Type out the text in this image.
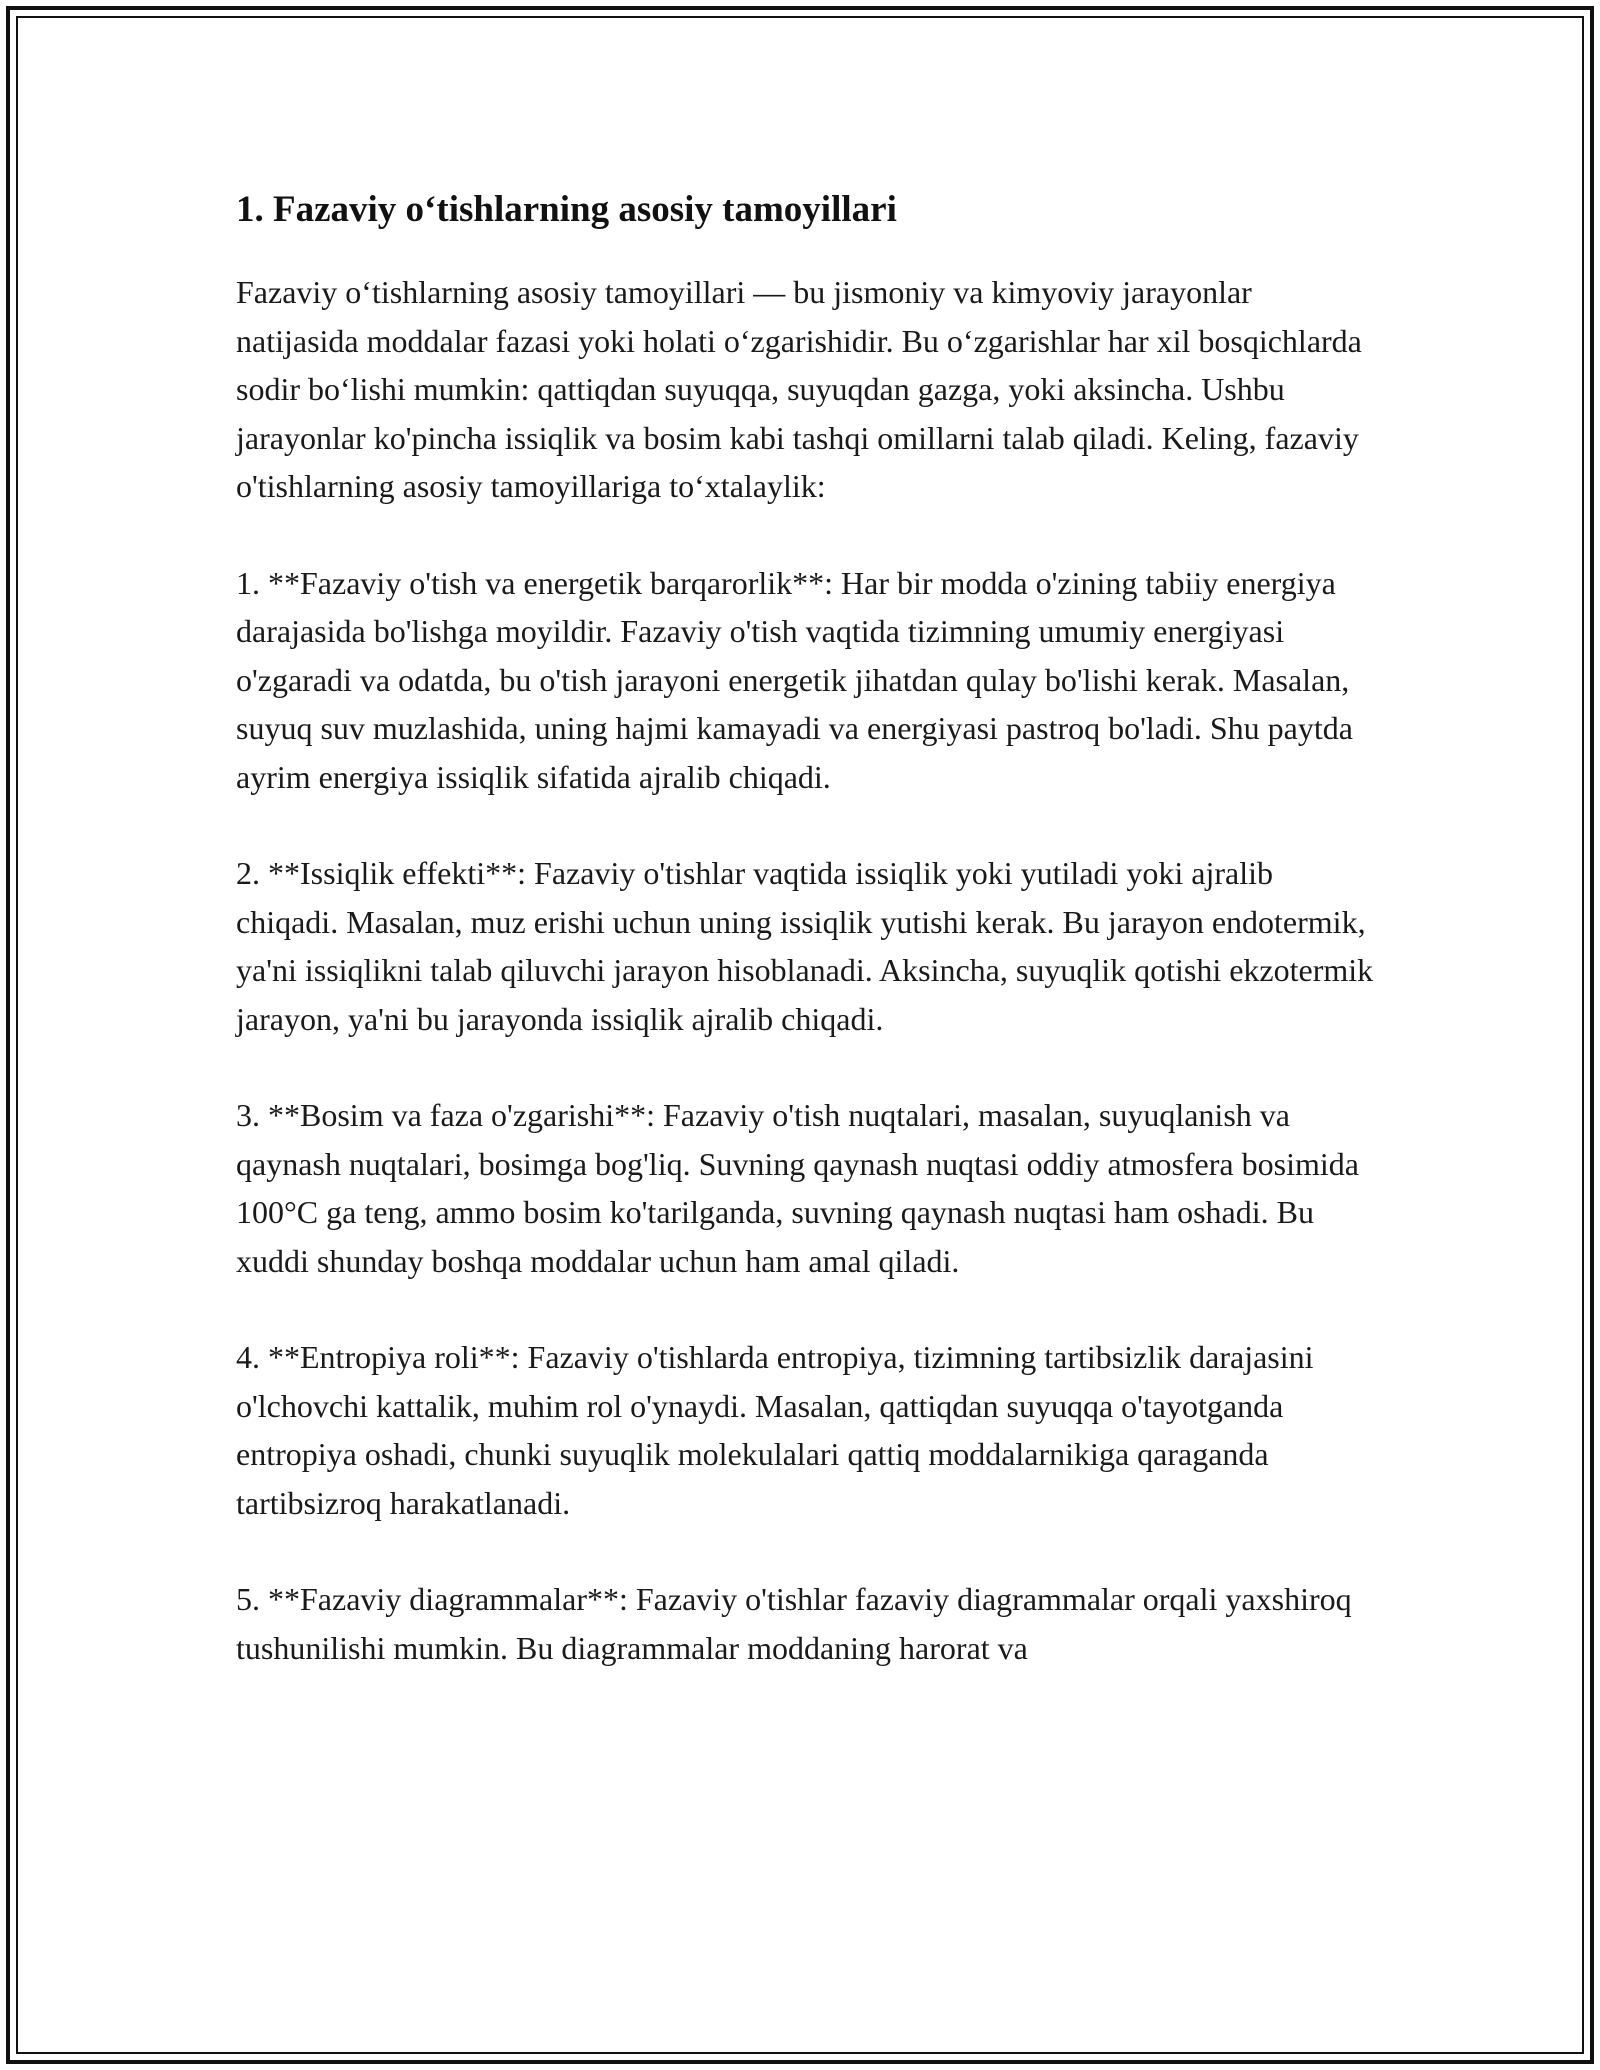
1. Fazaviy o‘tishlarning asosiy tamoyillari

Fazaviy o‘tishlarning asosiy tamoyillari — bu jismoniy va kimyoviy jarayonlar natijasida moddalar fazasi yoki holati o‘zgarishidir. Bu o‘zgarishlar har xil bosqichlarda sodir bo‘lishi mumkin: qattiqdan suyuqqa, suyuqdan gazga, yoki aksincha. Ushbu jarayonlar ko'pincha issiqlik va bosim kabi tashqi omillarni talab qiladi. Keling, fazaviy o'tishlarning asosiy tamoyillariga to‘xtalaylik:

1. **Fazaviy o'tish va energetik barqarorlik**: Har bir modda o'zining tabiiy energiya darajasida bo'lishga moyildir. Fazaviy o'tish vaqtida tizimning umumiy energiyasi o'zgaradi va odatda, bu o'tish jarayoni energetik jihatdan qulay bo'lishi kerak. Masalan, suyuq suv muzlashida, uning hajmi kamayadi va energiyasi pastroq bo'ladi. Shu paytda ayrim energiya issiqlik sifatida ajralib chiqadi.

2. **Issiqlik effekti**: Fazaviy o'tishlar vaqtida issiqlik yoki yutiladi yoki ajralib chiqadi. Masalan, muz erishi uchun uning issiqlik yutishi kerak. Bu jarayon endotermik, ya'ni issiqlikni talab qiluvchi jarayon hisoblanadi. Aksincha, suyuqlik qotishi ekzotermik jarayon, ya'ni bu jarayonda issiqlik ajralib chiqadi.

3. **Bosim va faza o'zgarishi**: Fazaviy o'tish nuqtalari, masalan, suyuqlanish va qaynash nuqtalari, bosimga bog'liq. Suvning qaynash nuqtasi oddiy atmosfera bosimida 100°C ga teng, ammo bosim ko'tarilganda, suvning qaynash nuqtasi ham oshadi. Bu xuddi shunday boshqa moddalar uchun ham amal qiladi.

4. **Entropiya roli**: Fazaviy o'tishlarda entropiya, tizimning tartibsizlik darajasini o'lchovchi kattalik, muhim rol o'ynaydi. Masalan, qattiqdan suyuqqa o'tayotganda entropiya oshadi, chunki suyuqlik molekulalari qattiq moddalarnikiga qaraganda tartibsizroq harakatlanadi.

5. **Fazaviy diagrammalar**: Fazaviy o'tishlar fazaviy diagrammalar orqali yaxshiroq tushunilishi mumkin. Bu diagrammalar moddaning harorat va
